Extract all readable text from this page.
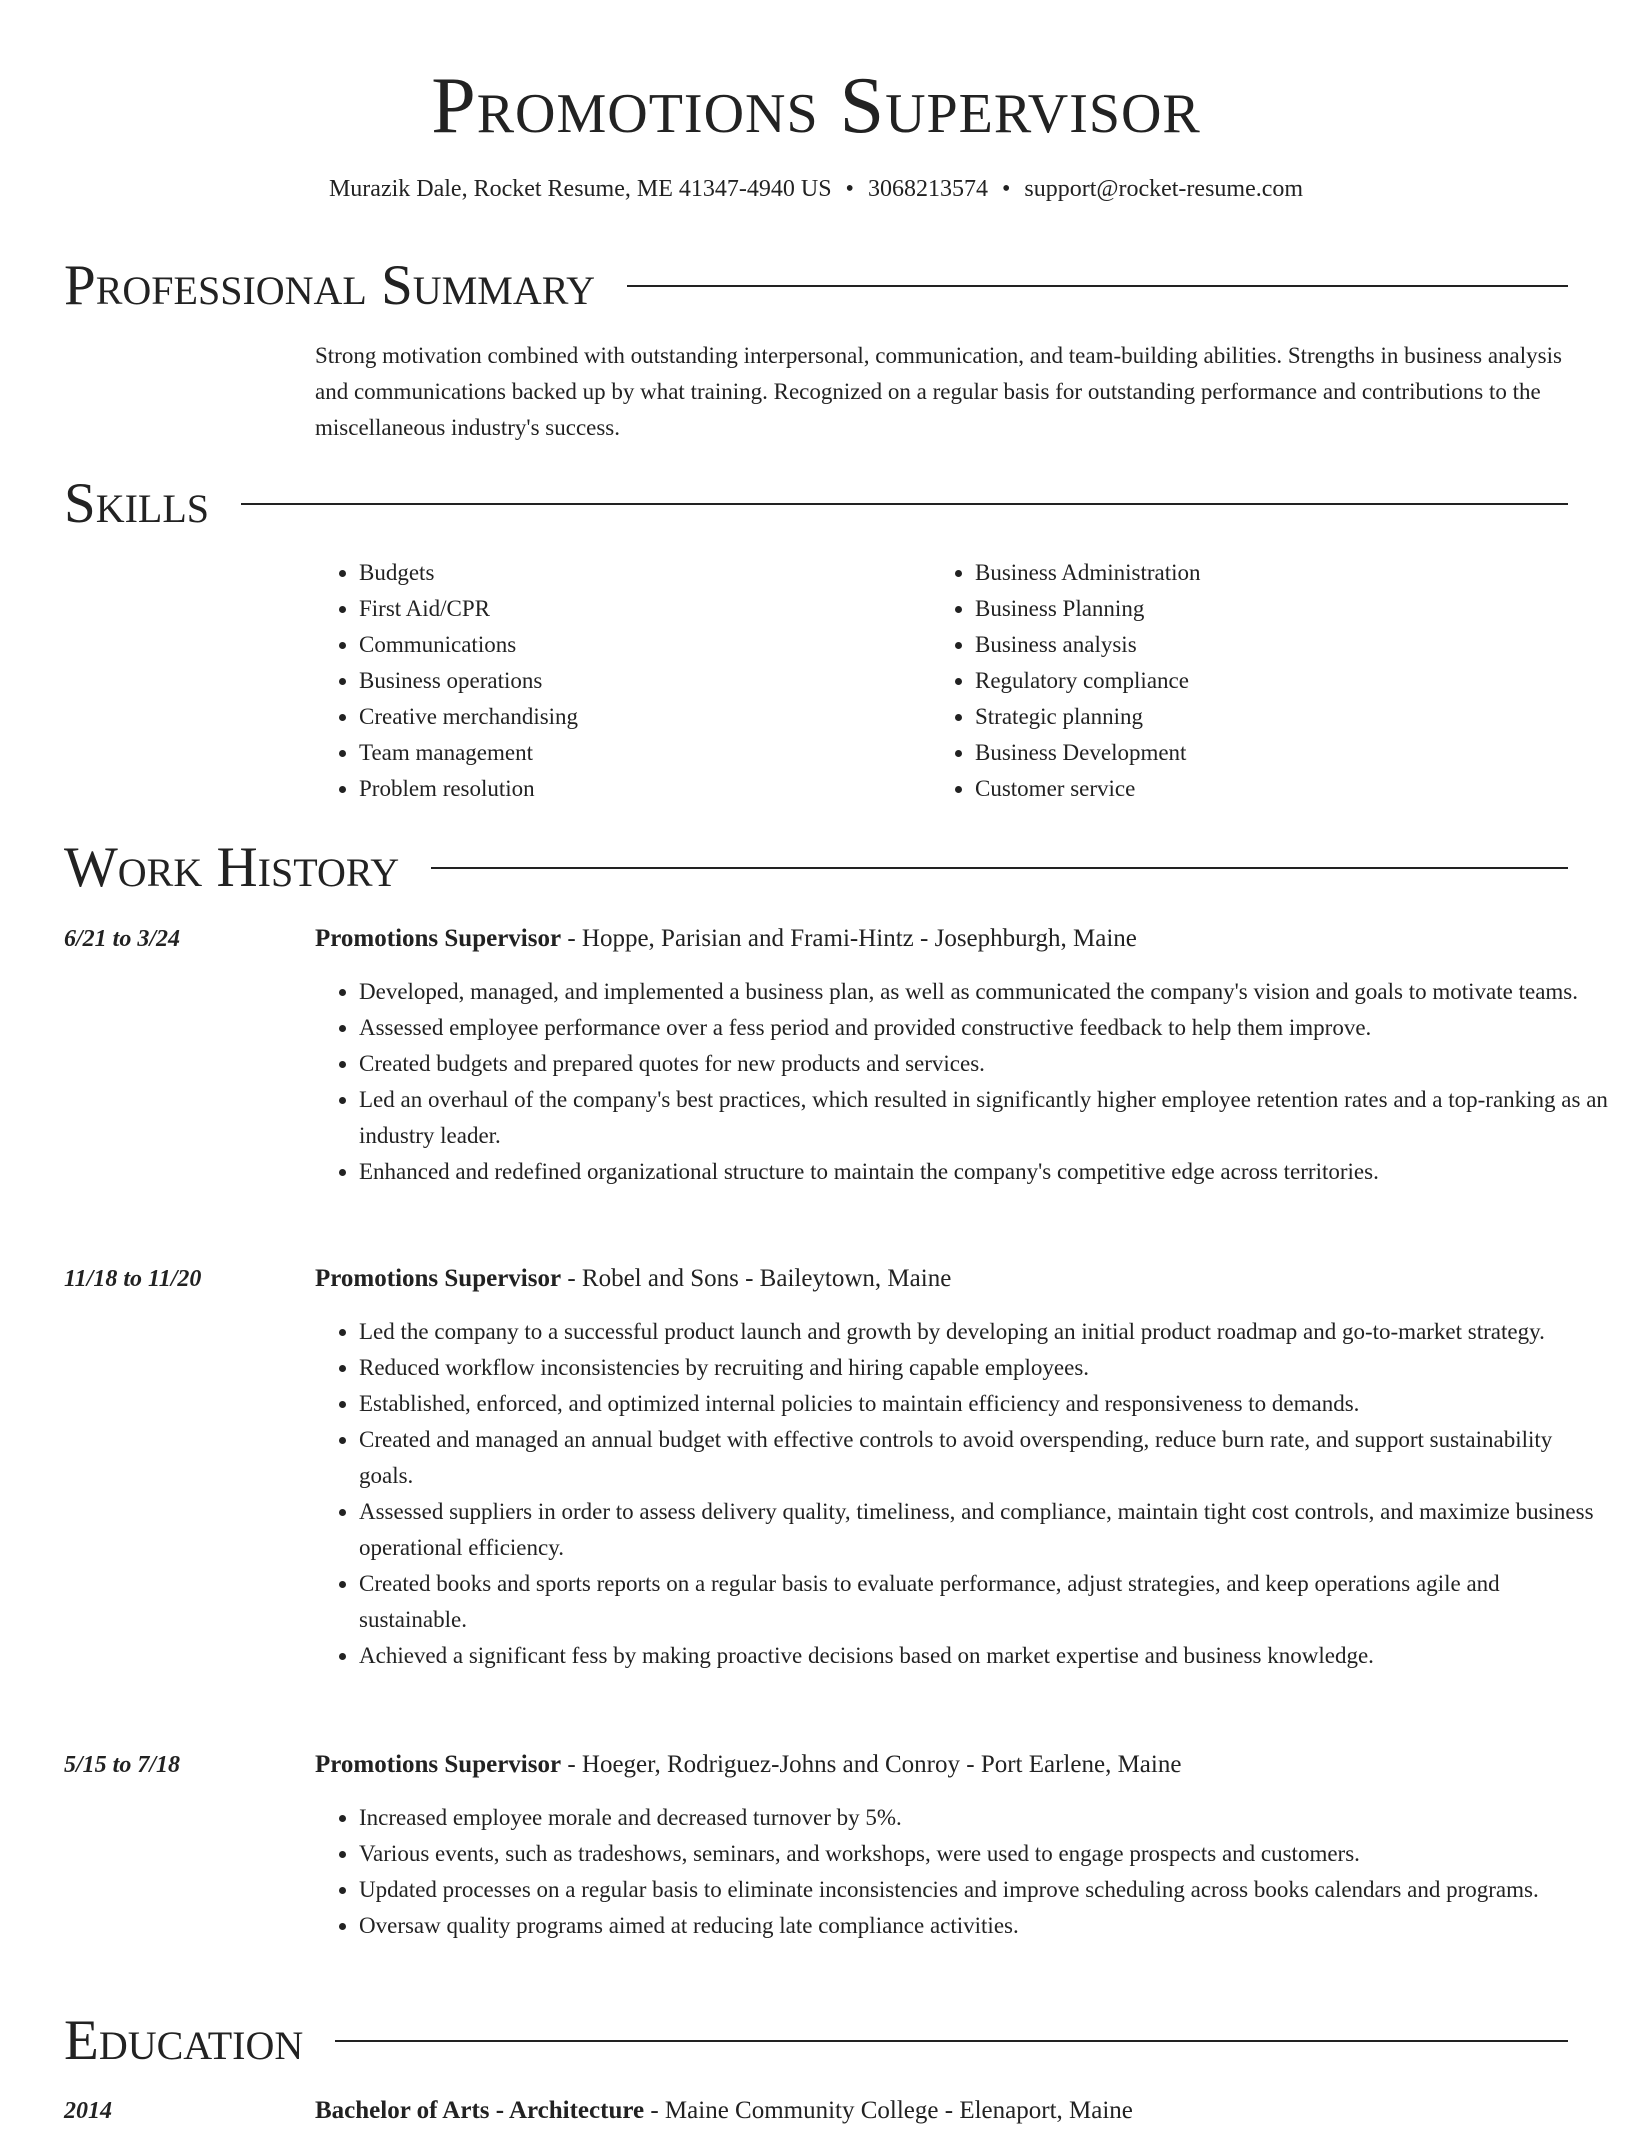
Promotions Supervisor
Murazik Dale, Rocket Resume, ME 41347-4940 US • 3068213574 • support@rocket-resume.com
Professional Summary

Strong motivation combined with outstanding interpersonal, communication, and team-building abilities. Strengths in business analysis and communications backed up by what training. Recognized on a regular basis for outstanding performance and contributions to the miscellaneous industry's success.

Skills
• Budgets
• First Aid/CPR
• Communications
• Business operations
• Creative merchandising
• Team management
• Problem resolution
• Business Administration
• Business Planning
• Business analysis
• Regulatory compliance
• Strategic planning
• Business Development
• Customer service
Work History
6/21 to 3/24	Promotions Supervisor - Hoppe, Parisian and Frami-Hintz - Josephburgh, Maine
• Developed, managed, and implemented a business plan, as well as communicated the company's vision and goals to motivate teams.
• Assessed employee performance over a fess period and provided constructive feedback to help them improve.
• Created budgets and prepared quotes for new products and services.
• Led an overhaul of the company's best practices, which resulted in significantly higher employee retention rates and a top-ranking as an industry leader.
• Enhanced and redefined organizational structure to maintain the company's competitive edge across territories.
11/18 to 11/20	Promotions Supervisor - Robel and Sons - Baileytown, Maine
• Led the company to a successful product launch and growth by developing an initial product roadmap and go-to-market strategy.
• Reduced workflow inconsistencies by recruiting and hiring capable employees.
• Established, enforced, and optimized internal policies to maintain efficiency and responsiveness to demands.
• Created and managed an annual budget with effective controls to avoid overspending, reduce burn rate, and support sustainability goals.
• Assessed suppliers in order to assess delivery quality, timeliness, and compliance, maintain tight cost controls, and maximize business operational efficiency.
• Created books and sports reports on a regular basis to evaluate performance, adjust strategies, and keep operations agile and sustainable.
• Achieved a significant fess by making proactive decisions based on market expertise and business knowledge.
5/15 to 7/18	Promotions Supervisor - Hoeger, Rodriguez-Johns and Conroy - Port Earlene, Maine
• Increased employee morale and decreased turnover by 5%.
• Various events, such as tradeshows, seminars, and workshops, were used to engage prospects and customers.
• Updated processes on a regular basis to eliminate inconsistencies and improve scheduling across books calendars and programs.
• Oversaw quality programs aimed at reducing late compliance activities.
Education
2014	Bachelor of Arts - Architecture - Maine Community College - Elenaport, Maine
